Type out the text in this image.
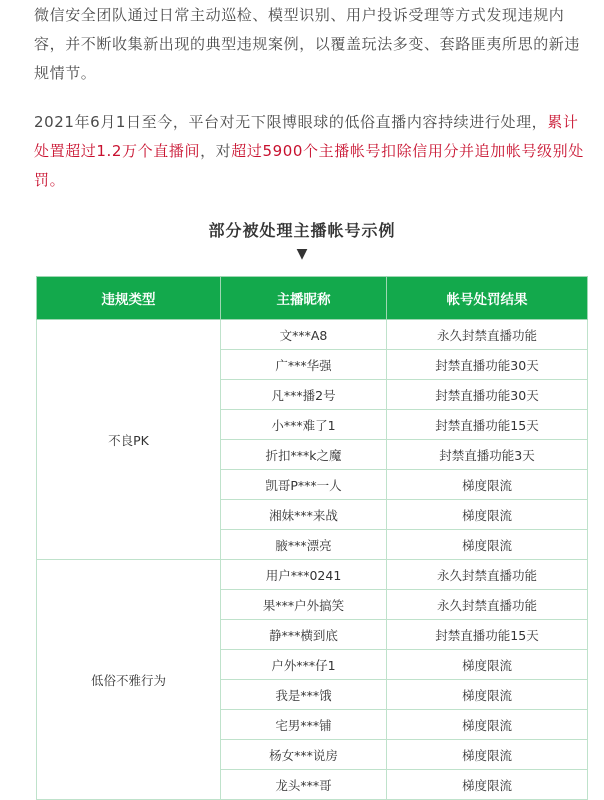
微信安全团队通过日常主动巡检、模型识别、用户投诉受理等方式发现违规内容，并不断收集新出现的典型违规案例，以覆盖玩法多变、套路匪夷所思的新违规情节。

2021年6月1日至今，平台对无下限博眼球的低俗直播内容持续进行处理，累计处置超过1.2万个直播间，对超过5900个主播帐号扣除信用分并追加帐号级别处罚。

部分被处理主播帐号示例
▼
违规类型	主播昵称	帐号处罚结果
不良PK	文***A8	永久封禁直播功能
	广***华强	封禁直播功能30天
	凡***播2号	封禁直播功能30天
	小***难了1	封禁直播功能15天
	折扣***k之魔	封禁直播功能3天
	凯哥P***一人	梯度限流
	湘妹***来战	梯度限流
	腋***漂亮	梯度限流
低俗不雅行为	用户***0241	永久封禁直播功能
	果***户外搞笑	永久封禁直播功能
	静***横到底	封禁直播功能15天
	户外***仔1	梯度限流
	我是***饿	梯度限流
	宅男***铺	梯度限流
	杨女***说房	梯度限流
	龙头***哥	梯度限流
